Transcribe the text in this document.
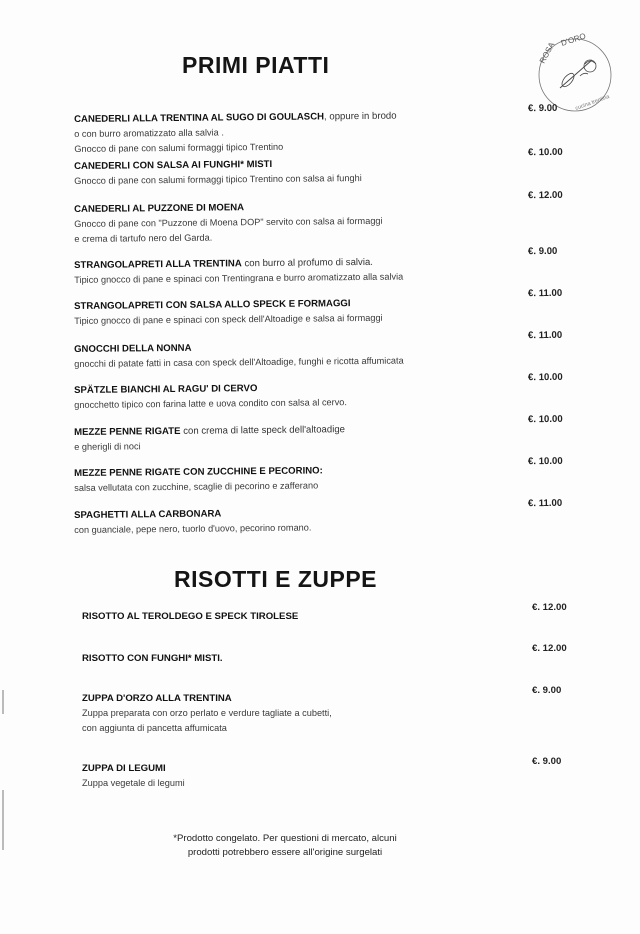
ROSA
D'ORO
cucina trentina
PRIMI PIATTI
CANEDERLI ALLA TRENTINA AL SUGO DI GOULASCH, oppure in brodo
o con burro aromatizzato alla salvia .
Gnocco di pane con salumi formaggi tipico Trentino
€. 9.00
CANEDERLI CON SALSA AI FUNGHI* MISTI
Gnocco di pane con salumi formaggi tipico Trentino con salsa ai funghi
€. 10.00
CANEDERLI AL PUZZONE DI MOENA
Gnocco di pane con "Puzzone di Moena DOP" servito con salsa ai formaggi
e crema di tartufo nero del Garda.
€. 12.00
STRANGOLAPRETI ALLA TRENTINA con burro al profumo di salvia.
Tipico gnocco di pane e spinaci con Trentingrana e burro aromatizzato alla salvia
€. 9.00
STRANGOLAPRETI CON SALSA ALLO SPECK E FORMAGGI
Tipico gnocco di pane e spinaci con speck dell'Altoadige e salsa ai formaggi
€. 11.00
GNOCCHI DELLA NONNA
gnocchi di patate fatti in casa con speck dell'Altoadige, funghi e ricotta affumicata
€. 11.00
SPÄTZLE BIANCHI AL RAGU' DI CERVO
gnocchetto tipico con farina latte e uova condito con salsa al cervo.
€. 10.00
MEZZE PENNE RIGATE con crema di latte speck dell'altoadige
e gherigli di noci
€. 10.00
MEZZE PENNE RIGATE CON ZUCCHINE E PECORINO:
salsa vellutata con zucchine, scaglie di pecorino e zafferano
€. 10.00
SPAGHETTI ALLA CARBONARA
con guanciale, pepe nero, tuorlo d'uovo, pecorino romano.
€. 11.00
RISOTTI E ZUPPE
RISOTTO AL TEROLDEGO E SPECK TIROLESE
€. 12.00
RISOTTO CON FUNGHI* MISTI.
€. 12.00
ZUPPA D'ORZO ALLA TRENTINA
Zuppa preparata con orzo perlato e verdure tagliate a cubetti,
con aggiunta di pancetta affumicata
€. 9.00
ZUPPA DI LEGUMI
Zuppa vegetale di legumi
€. 9.00
*Prodotto congelato. Per questioni di mercato, alcuni
prodotti potrebbero essere all'origine surgelati
